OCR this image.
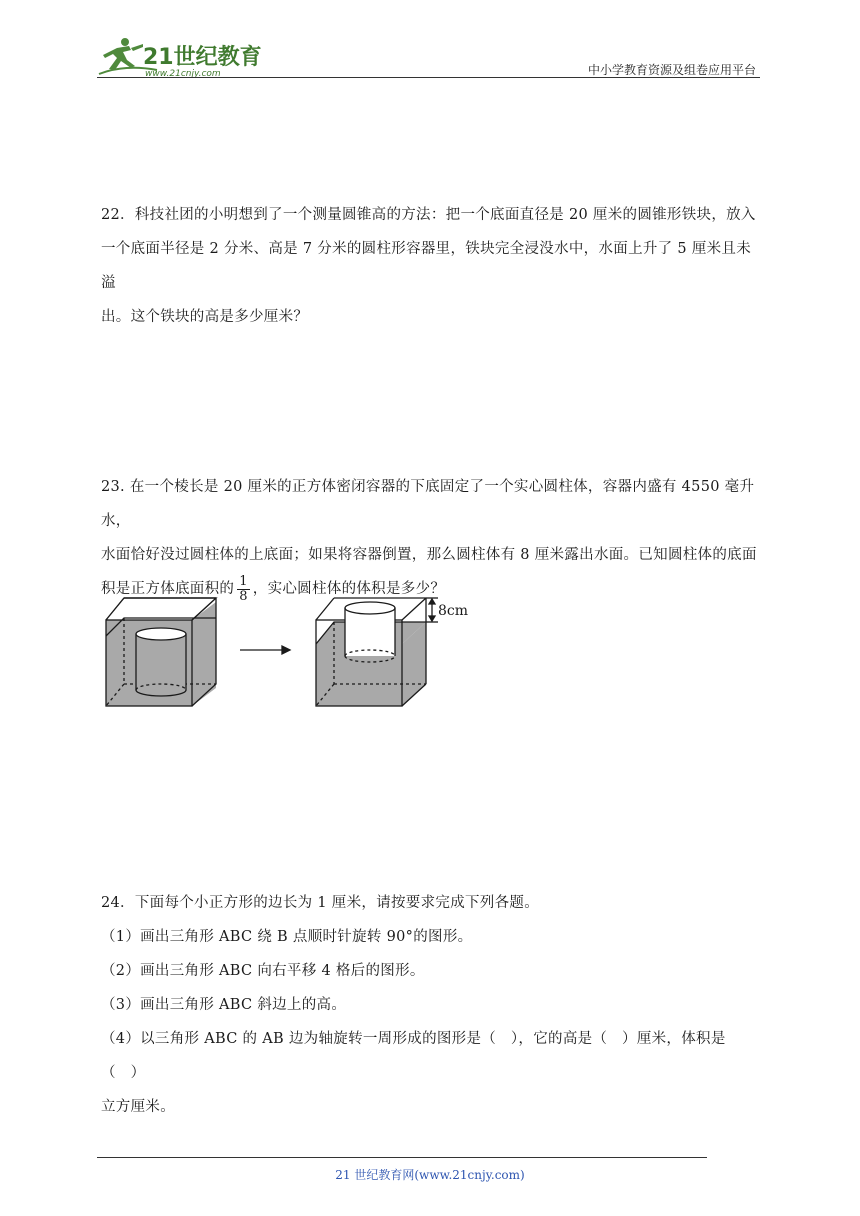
21世纪教育
www.21cnjy.com	中小学教育资源及组卷应用平台
22．科技社团的小明想到了一个测量圆锥高的方法：把一个底面直径是 20 厘米的圆锥形铁块，放入
一个底面半径是 2 分米、高是 7 分米的圆柱形容器里，铁块完全浸没水中，水面上升了 5 厘米且未溢
出。这个铁块的高是多少厘米？
23. 在一个棱长是 20 厘米的正方体密闭容器的下底固定了一个实心圆柱体，容器内盛有 4550 毫升水，
水面恰好没过圆柱体的上底面；如果将容器倒置，那么圆柱体有 8 厘米露出水面。已知圆柱体的底面
积是正方体底面积的 $\frac{1}{8}$ ，实心圆柱体的体积是多少？
8cm
24．下面每个小正方形的边长为 1 厘米，请按要求完成下列各题。
（1）画出三角形 ABC 绕 B 点顺时针旋转 90°的图形。
（2）画出三角形 ABC 向右平移 4 格后的图形。
（3）画出三角形 ABC 斜边上的高。
（4）以三角形 ABC 的 AB 边为轴旋转一周形成的图形是（　），它的高是（　）厘米，体积是（　）
立方厘米。
21 世纪教育网(www.21cnjy.com)
